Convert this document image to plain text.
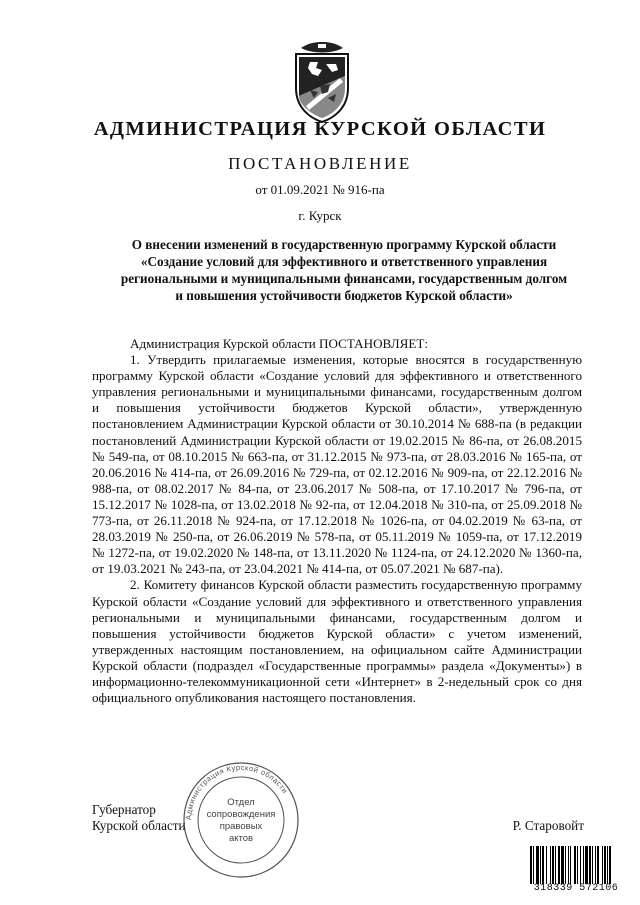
АДМИНИСТРАЦИЯ КУРСКОЙ ОБЛАСТИ
ПОСТАНОВЛЕНИЕ
от 01.09.2021 № 916-па
г. Курск
О внесении изменений в государственную программу Курской области
«Создание условий для эффективного и ответственного управления
региональными и муниципальными финансами, государственным долгом
и повышения устойчивости бюджетов Курской области»

Администрация Курской области ПОСТАНОВЛЯЕТ:

1. Утвердить прилагаемые изменения, которые вносятся в государственную программу Курской области «Создание условий для эффективного и ответственного управления региональными и муниципальными финансами, государственным долгом и повышения устойчивости бюджетов Курской области», утвержденную постановлением Администрации Курской области от 30.10.2014 № 688-па (в редакции постановлений Администрации Курской области от 19.02.2015 № 86-па, от 26.08.2015 № 549-па, от 08.10.2015 № 663-па, от 31.12.2015 № 973-па, от 28.03.2016 № 165-па, от 20.06.2016 № 414-па, от 26.09.2016 № 729-па, от 02.12.2016 № 909-па, от 22.12.2016 № 988-па, от 08.02.2017 № 84-па, от 23.06.2017 № 508-па, от 17.10.2017 № 796-па, от 15.12.2017 № 1028-па, от 13.02.2018 № 92-па, от 12.04.2018 № 310-па, от 25.09.2018 № 773-па, от 26.11.2018 № 924-па, от 17.12.2018 № 1026-па, от 04.02.2019 № 63-па, от 28.03.2019 № 250-па, от 26.06.2019 № 578-па, от 05.11.2019 № 1059-па, от 17.12.2019 № 1272-па, от 19.02.2020 № 148-па, от 13.11.2020 № 1124-па, от 24.12.2020 № 1360-па, от 19.03.2021 № 243-па, от 23.04.2021 № 414-па, от 05.07.2021 № 687-па).

2. Комитету финансов Курской области разместить государственную программу Курской области «Создание условий для эффективного и ответственного управления региональными и муниципальными финансами, государственным долгом и повышения устойчивости бюджетов Курской области» с учетом изменений, утвержденных настоящим постановлением, на официальном сайте Администрации Курской области (подраздел «Государственные программы» раздела «Документы») в информационно-телекоммуникационной сети «Интернет» в 2-недельный срок со дня официального опубликования настоящего постановления.

Губернатор
Курской области	Р. Старовойт
Администрация Курской области
Отдел
сопровождения
правовых
актов
318339 572106
